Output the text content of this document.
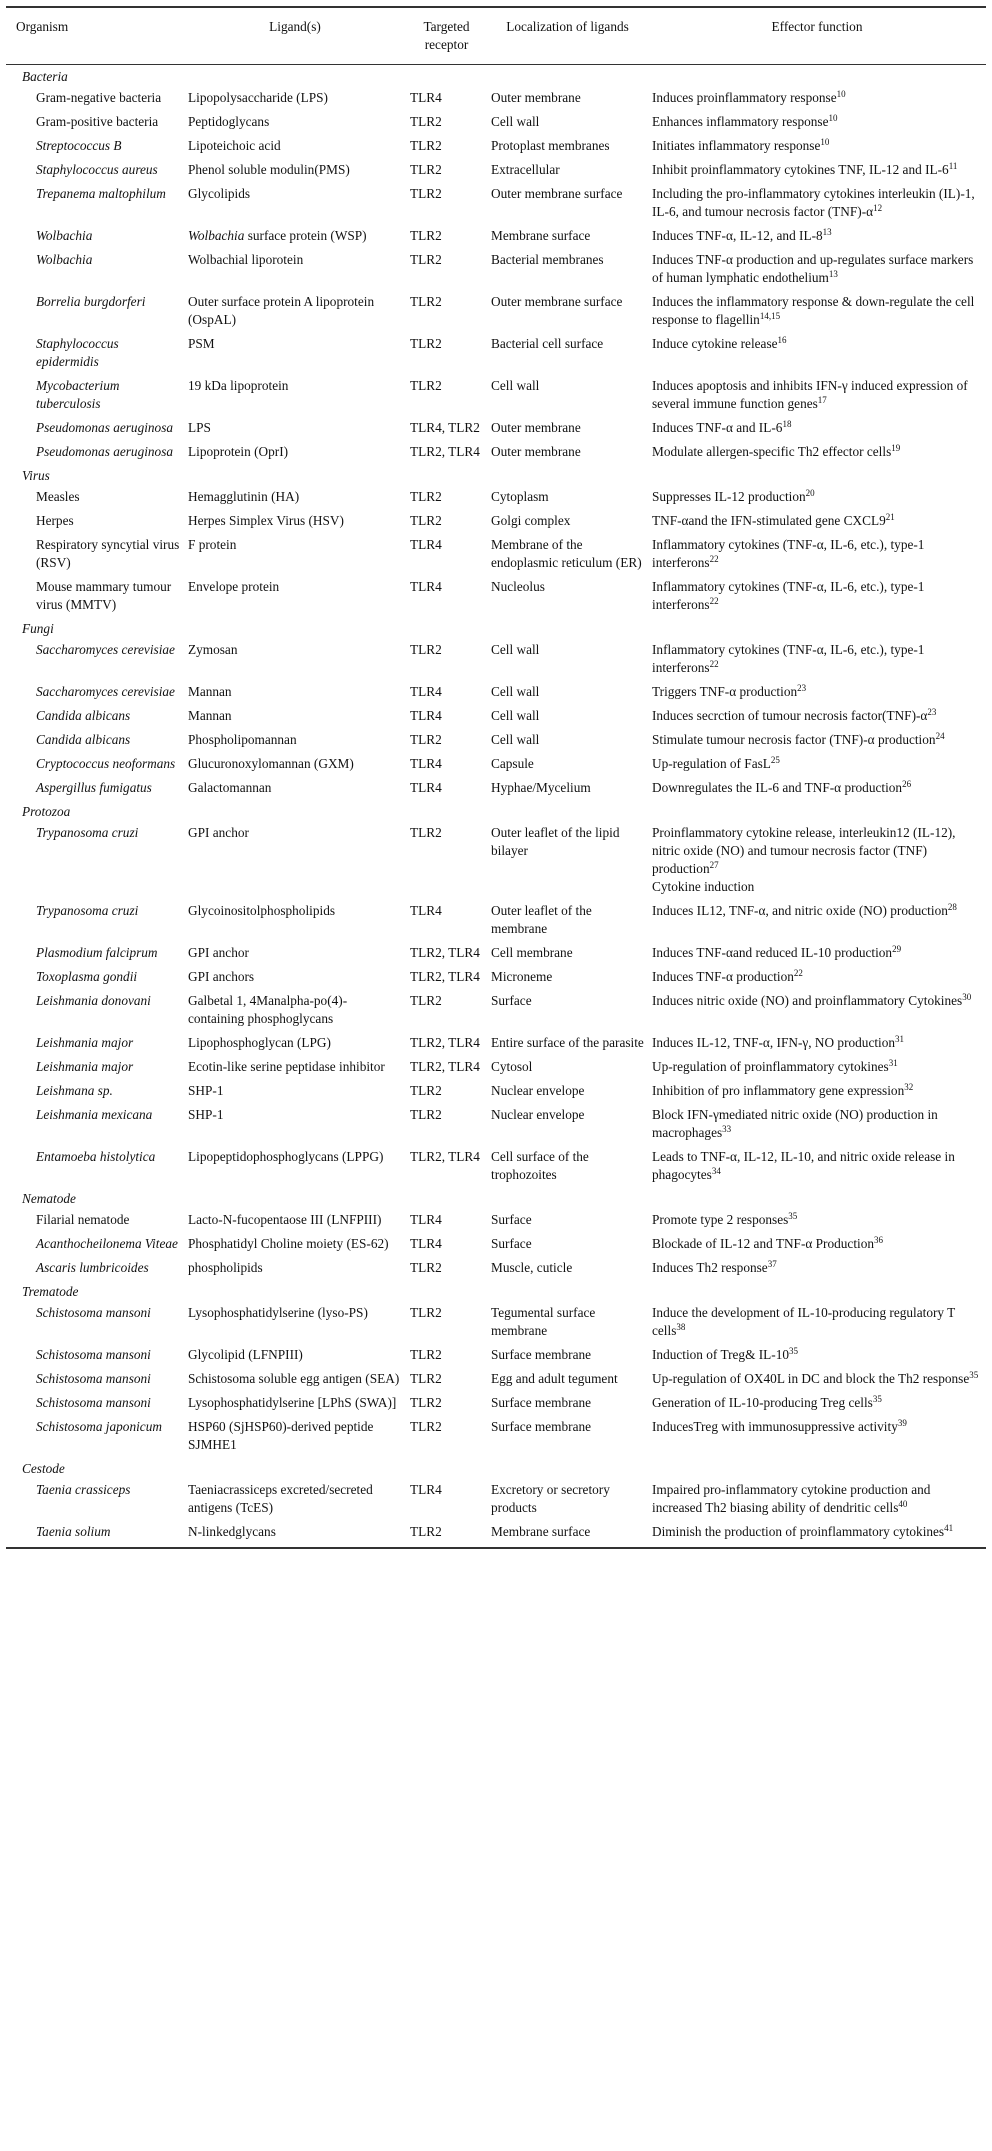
Organism	Ligand(s)	Targeted receptor	Localization of ligands	Effector function
Bacteria				
Gram-negative bacteria	Lipopolysaccharide (LPS)	TLR4	Outer membrane	Induces proinflammatory response$^{10}$
Gram-positive bacteria	Peptidoglycans	TLR2	Cell wall	Enhances inflammatory response$^{10}$
Streptococcus B	Lipoteichoic acid	TLR2	Protoplast membranes	Initiates inflammatory response$^{10}$
Staphylococcus aureus	Phenol soluble modulin(PMS)	TLR2	Extracellular	Inhibit proinflammatory cytokines TNF, IL-12 and $IL-6^{11}$
Trepanema maltophilum	Glycolipids	TLR2	Outer membrane surface	Including the pro-inflammatory cytokines interleukin (IL)-1, IL-6, and tumour necrosis factor $(TNF)-\alpha^{12}$
Wolbachia	Wolbachia surface protein (WSP)	TLR2	Membrane surface	Induces TNF-α, IL-12, and $IL-8^{13}$
Wolbachia	Wolbachial liporotein	TLR2	Bacterial membranes	Induces TNF-α production and up-regulates surface markers of human lymphatic endothelium$^{13}$
Borrelia burgdorferi	Outer surface protein A lipoprotein (OspAL)	TLR2	Outer membrane surface	Induces the inflammatory response & down-regulate the cell response to flagellin$^{14,15}$
Staphylococcus epidermidis	PSM	TLR2	Bacterial cell surface	Induce cytokine release$^{16}$
Mycobacterium tuberculosis	19 kDa lipoprotein	TLR2	Cell wall	Induces apoptosis and inhibits IFN-γ induced expression of several immune function genes$^{17}$
Pseudomonas aeruginosa	LPS	TLR4, TLR2	Outer membrane	Induces TNF-α and $IL-6^{18}$
Pseudomonas aeruginosa	Lipoprotein (OprI)	TLR2, TLR4	Outer membrane	Modulate allergen-specific Th2 effector cells$^{19}$
Virus				
Measles	Hemagglutinin (HA)	TLR2	Cytoplasm	Suppresses IL-12 production$^{20}$
Herpes	Herpes Simplex Virus (HSV)	TLR2	Golgi complex	TNF-αand the IFN-stimulated gene $CXCL9^{21}$
Respiratory syncytial virus (RSV)	F protein	TLR4	Membrane of the endoplasmic reticulum (ER)	Inflammatory cytokines (TNF-α, IL-6, etc.), type-1 interferons$^{22}$
Mouse mammary tumour virus (MMTV)	Envelope protein	TLR4	Nucleolus	Inflammatory cytokines (TNF-α, IL-6, etc.), type-1 interferons$^{22}$
Fungi				
Saccharomyces cerevisiae	Zymosan	TLR2	Cell wall	Inflammatory cytokines (TNF-α, IL-6, etc.), type-1 interferons$^{22}$
Saccharomyces cerevisiae	Mannan	TLR4	Cell wall	Triggers TNF-α production$^{23}$
Candida albicans	Mannan	TLR4	Cell wall	Induces secrction of tumour necrosis $factor(TNF)-\alpha^{23}$
Candida albicans	Phospholipomannan	TLR2	Cell wall	Stimulate tumour necrosis factor (TNF)-α production$^{24}$
Cryptococcus neoformans	Glucuronoxylomannan (GXM)	TLR4	Capsule	Up-regulation of FasL$^{25}$
Aspergillus fumigatus	Galactomannan	TLR4	Hyphae/Mycelium	Downregulates the IL-6 and TNF-α production$^{26}$
Protozoa				
Trypanosoma cruzi	GPI anchor	TLR2	Outer leaflet of the lipid bilayer	Proinflammatory cytokine release, interleukin12 (IL-12), nitric oxide (NO) and tumour necrosis factor (TNF) production$^{27}$
Cytokine induction
Trypanosoma cruzi	Glycoinositolphospholipids	TLR4	Outer leaflet of the membrane	Induces IL12, TNF-α, and nitric oxide (NO) production$^{28}$
Plasmodium falciprum	GPI anchor	TLR2, TLR4	Cell membrane	Induces TNF-αand reduced IL-10 production$^{29}$
Toxoplasma gondii	GPI anchors	TLR2, TLR4	Microneme	Induces TNF-α production$^{22}$
Leishmania donovani	Galbetal 1, 4Manalpha-po(4)-containing phosphoglycans	TLR2	Surface	Induces nitric oxide (NO) and proinflammatory Cytokines$^{30}$
Leishmania major	Lipophosphoglycan (LPG)	TLR2, TLR4	Entire surface of the parasite	Induces IL-12, TNF-α, IFN-γ, NO production$^{31}$
Leishmania major	Ecotin-like serine peptidase inhibitor	TLR2, TLR4	Cytosol	Up-regulation of proinflammatory cytokines$^{31}$
Leishmana sp.	SHP-1	TLR2	Nuclear envelope	Inhibition of pro inflammatory gene expression$^{32}$
Leishmania mexicana	SHP-1	TLR2	Nuclear envelope	Block IFN-γmediated nitric oxide (NO) production in macrophages$^{33}$
Entamoeba histolytica	Lipopeptidophosphoglycans (LPPG)	TLR2, TLR4	Cell surface of the trophozoites	Leads to TNF-α, IL-12, IL-10, and nitric oxide release in phagocytes$^{34}$
Nematode				
Filarial nematode	Lacto-N-fucopentaose III (LNFPIII)	TLR4	Surface	Promote type 2 responses$^{35}$
Acanthocheilonema Viteae	Phosphatidyl Choline moiety (ES-62)	TLR4	Surface	Blockade of IL-12 and TNF-α Production$^{36}$
Ascaris lumbricoides	phospholipids	TLR2	Muscle, cuticle	Induces Th2 response$^{37}$
Trematode				
Schistosoma mansoni	Lysophosphatidylserine (lyso-PS)	TLR2	Tegumental surface membrane	Induce the development of IL-10-producing regulatory T cells$^{38}$
Schistosoma mansoni	Glycolipid (LFNPIII)	TLR2	Surface membrane	Induction of Treg& $IL-10^{35}$
Schistosoma mansoni	Schistosoma soluble egg antigen (SEA)	TLR2	Egg and adult tegument	Up-regulation of OX40L in DC and block the Th2 response$^{35}$
Schistosoma mansoni	Lysophosphatidylserine [LPhS (SWA)]	TLR2	Surface membrane	Generation of IL-10-producing Treg cells$^{35}$
Schistosoma japonicum	HSP60 (SjHSP60)-derived peptide SJMHE1	TLR2	Surface membrane	InducesTreg with immunosuppressive activity$^{39}$
Cestode				
Taenia crassiceps	Taeniacrassiceps excreted/secreted antigens (TcES)	TLR4	Excretory or secretory products	Impaired pro-inflammatory cytokine production and increased Th2 biasing ability of dendritic cells$^{40}$
Taenia solium	N-linkedglycans	TLR2	Membrane surface	Diminish the production of proinflammatory cytokines$^{41}$
